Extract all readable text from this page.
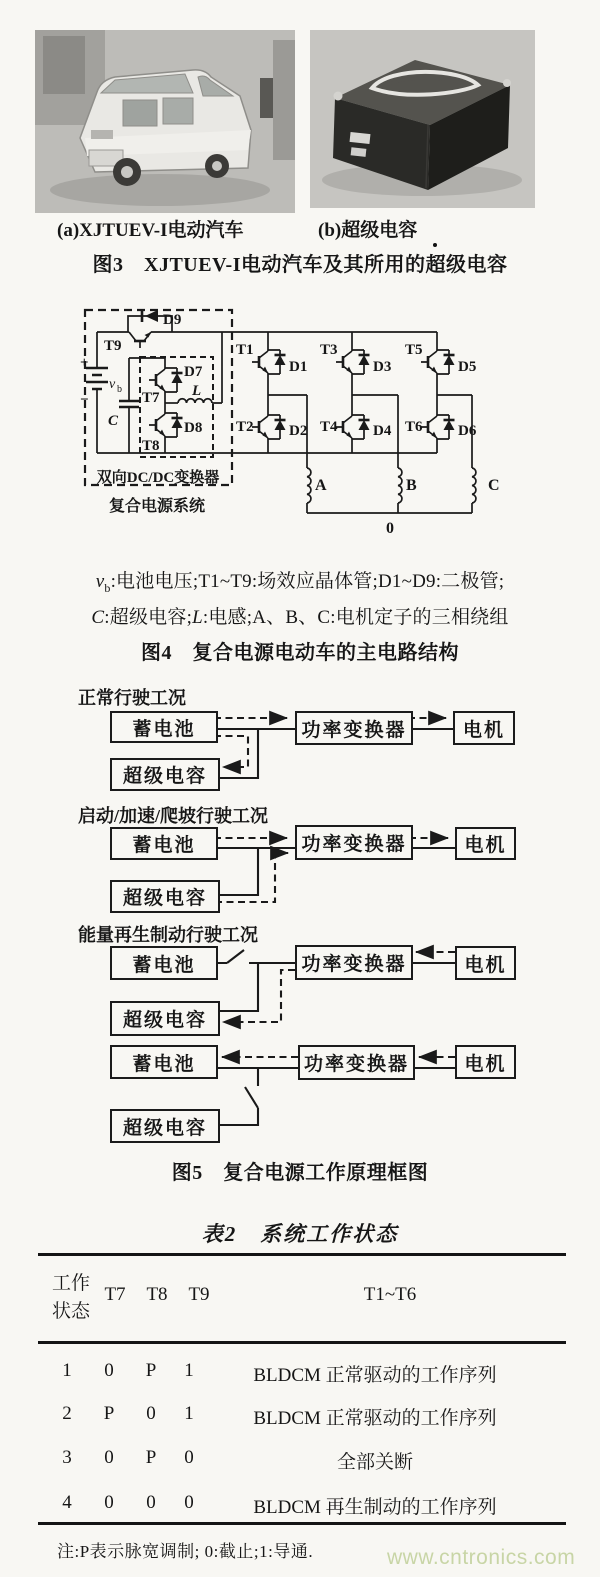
(a)XJTUEV-I电动汽车	(b)超级电容
图3　XJTUEV-I电动汽车及其所用的超级电容
+
−
v b
C
T9
D9
D7
T7 L
D8
T8
双向DC/DC变换器
复合电源系统
T1
D1
T2 D2
T3
D3
T4 D4
T5
D5
T6 D6
A	B	C
0
$v_b$:电池电压;T1~T9:场效应晶体管;D1~D9:二极管;
C:超级电容;L:电感;A、B、C:电机定子的三相绕组
图4　复合电源电动车的主电路结构
正常行驶工况
启动/加速/爬坡行驶工况
能量再生制动行驶工况
蓄电池	功率变换器	电机
超级电容
蓄电池	功率变换器	电机
超级电容
蓄电池	功率变换器	电机
超级电容
蓄电池	功率变换器	电机
超级电容
图5　复合电源工作原理框图
表2　系统工作状态
工作
状态
T7	T8	T9	T1~T6
1	0	P	1	BLDCM 正常驱动的工作序列
2	P	0	1	BLDCM 正常驱动的工作序列
3	0	P	0	全部关断
4	0	0	0	BLDCM 再生制动的工作序列
注:P表示脉宽调制; 0:截止;1:导通.	www.cntronics.com
